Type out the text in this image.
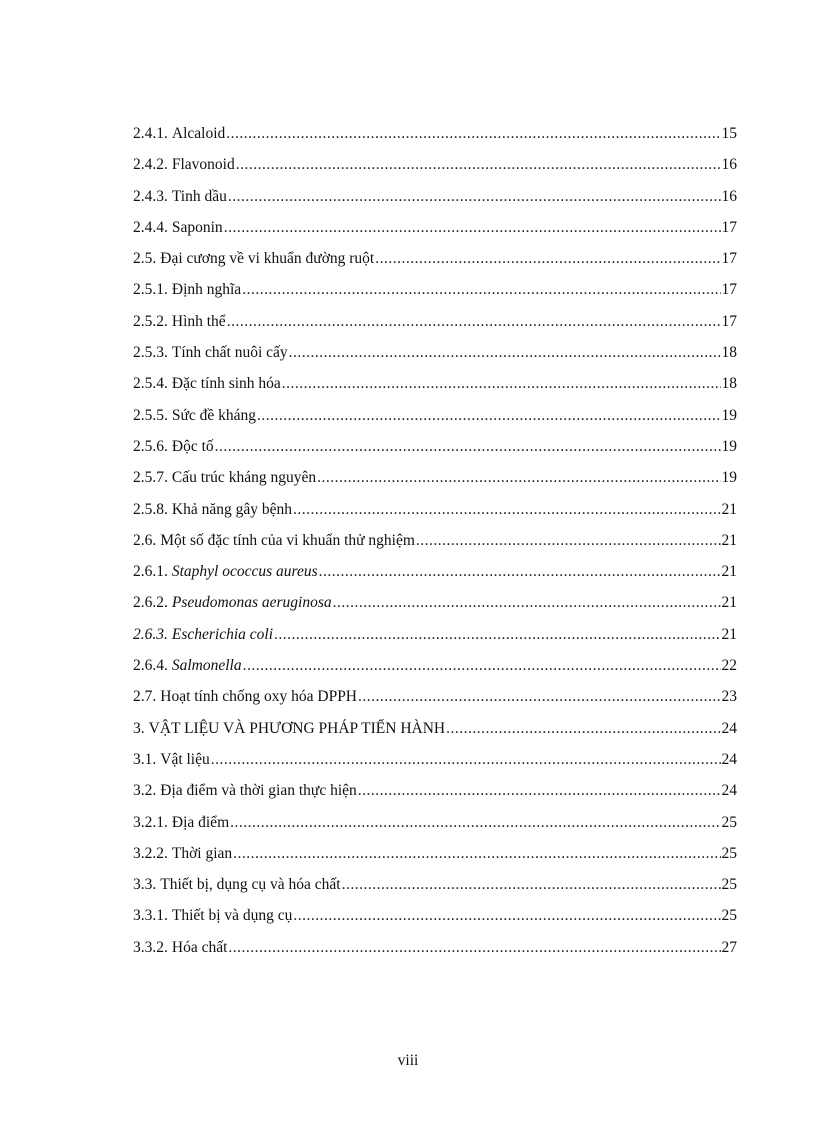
2.4.1. Alcaloid .....	15
2.4.2. Flavonoid .....	16
2.4.3. Tinh dầu .....	16
2.4.4. Saponin .....	17
2.5. Đại cương về vi khuẩn đường ruột .....	17
2.5.1. Định nghĩa .....	17
2.5.2. Hình thể .....	17
2.5.3. Tính chất nuôi cấy .....	18
2.5.4. Đặc tính sinh hóa .....	18
2.5.5. Sức đề kháng .....	19
2.5.6. Độc tố .....	19
2.5.7. Cấu trúc kháng nguyên .....	19
2.5.8. Khả năng gây bệnh .....	21
2.6. Một số đặc tính của vi khuẩn thử nghiệm .....	21
2.6.1. Staphyl ococcus aureus .....	21
2.6.2. Pseudomonas aeruginosa .....	21
2.6.3. Escherichia coli .....	21
2.6.4. Salmonella .....	22
2.7. Hoạt tính chống oxy hóa DPPH .....	23
3. VẬT LIỆU VÀ PHƯƠNG PHÁP TIẾN HÀNH .....	24
3.1. Vật liệu .....	24
3.2. Địa điểm và thời gian thực hiện .....	24
3.2.1. Địa điểm .....	25
3.2.2. Thời gian .....	25
3.3. Thiết bị, dụng cụ và hóa chất .....	25
3.3.1. Thiết bị và dụng cụ .....	25
3.3.2. Hóa chất .....	27
viii
